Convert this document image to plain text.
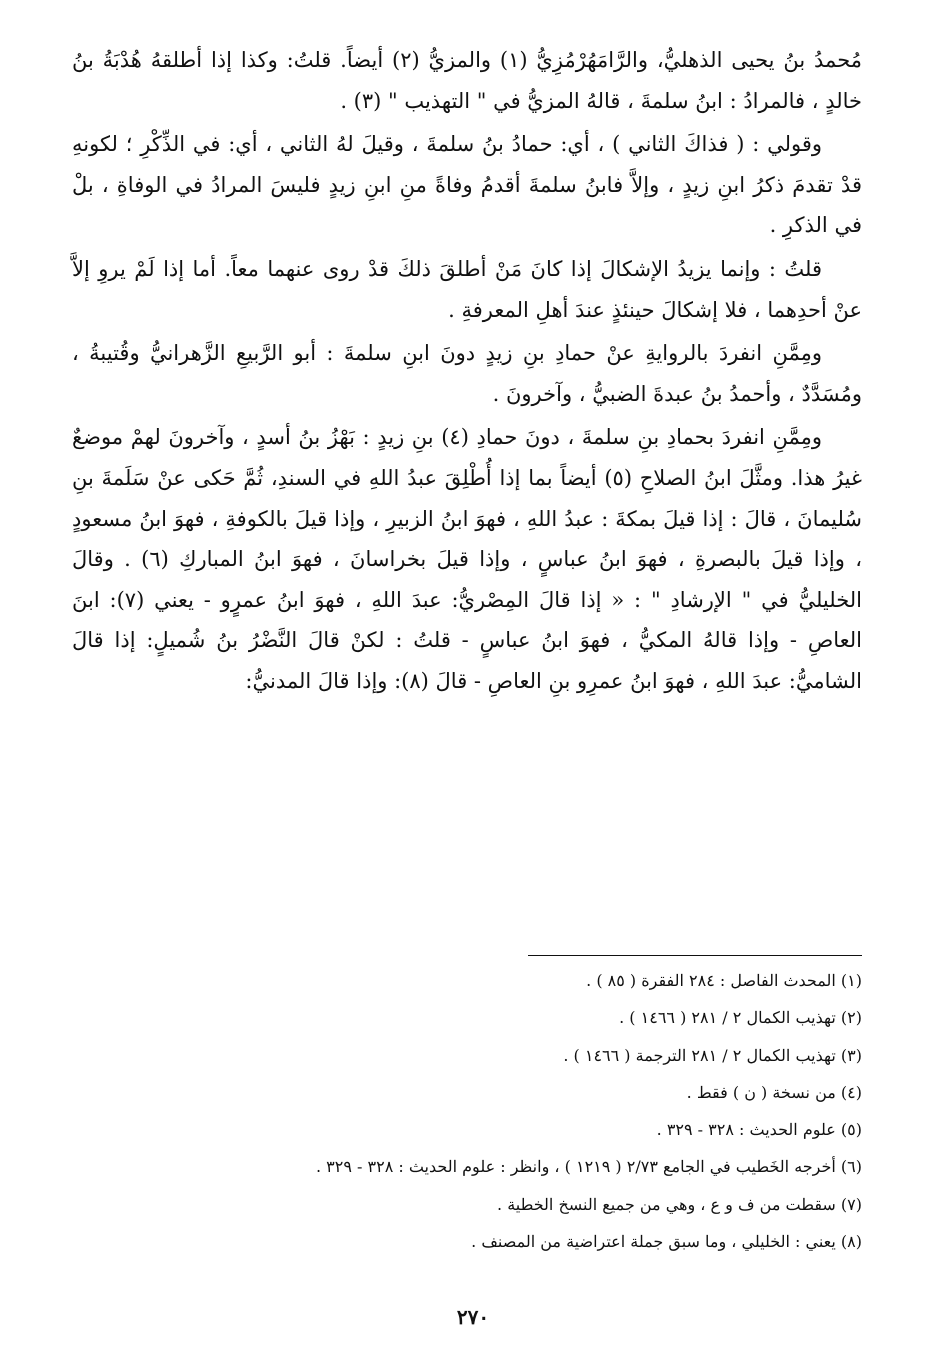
مُحمدُ بنُ يحيى الذهليُّ، والرَّامَهُرْمُزِيُّ (١) والمزيُّ (٢) أيضاً. قلتُ: وكذا إذا أطلقهُ هُدْبَةُ بنُ خالدٍ ، فالمرادُ : ابنُ سلمةَ ، قالهُ المزيُّ في " التهذيب " (٣) .

وقولي : ( فذاكَ الثاني ) ، أي: حمادُ بنُ سلمةَ ، وقيلَ لهُ الثاني ، أي: في الذِّكْرِ ؛ لكونهِ قدْ تقدمَ ذكرُ ابنِ زيدٍ ، وإلاَّ فابنُ سلمةَ أقدمُ وفاةً منِ ابنِ زيدٍ فليسَ المرادُ في الوفاةِ ، بلْ في الذكرِ .

قلتُ : وإنما يزيدُ الإشكالَ إذا كانَ مَنْ أطلقَ ذلكَ قدْ روى عنهما معاً. أما إذا لَمْ يروِ إلاَّ عنْ أحدِهما ، فلا إشكالَ حينئذٍ عندَ أهلِ المعرفةِ .

ومِمَّنِ انفردَ بالروايةِ عنْ حمادِ بنِ زيدٍ دونَ ابنِ سلمةَ : أبو الرَّبيعِ الزَّهرانيُّ وقُتيبةُ ، ومُسَدَّدٌ ، وأحمدُ بنُ عبدةَ الضبيُّ ، وآخرونَ .

ومِمَّنِ انفردَ بحمادِ بنِ سلمةَ ، دونَ حمادِ (٤) بنِ زيدٍ : بَهْزُ بنُ أسدٍ ، وآخرونَ لهمْ موضعٌ غيرُ هذا. ومثَّلَ ابنُ الصلاحِ (٥) أيضاً بما إذا أُطْلِقَ عبدُ اللهِ في السندِ، ثُمَّ حَكى عنْ سَلَمةَ بنِ سُليمانَ ، قالَ : إذا قيلَ بمكةَ : عبدُ اللهِ ، فهوَ ابنُ الزبيرِ ، وإذا قيلَ بالكوفةِ ، فهوَ ابنُ مسعودٍ ، وإذا قيلَ بالبصرةِ ، فهوَ ابنُ عباسٍ ، وإذا قيلَ بخراسانَ ، فهوَ ابنُ المباركِ (٦) . وقالَ الخليليُّ في " الإرشادِ " : « إذا قالَ المِصْريُّ: عبدَ اللهِ ، فهوَ ابنُ عمرٍو - يعني (٧): ابنَ العاصِ - وإذا قالهُ المكيُّ ، فهوَ ابنُ عباسٍ - قلتُ : لكنْ قالَ النَّضْرُ بنُ شُميلٍ: إذا قالَ الشاميُّ: عبدَ اللهِ ، فهوَ ابنُ عمرِو بنِ العاصِ - قالَ (٨): وإذا قالَ المدنيُّ:

(١) المحدث الفاصل : ٢٨٤ الفقرة ( ٨٥ ) .

(٢) تهذيب الكمال ٢ / ٢٨١ ( ١٤٦٦ ) .

(٣) تهذيب الكمال ٢ / ٢٨١ الترجمة ( ١٤٦٦ ) .

(٤) من نسخة ( ن ) فقط .

(٥) علوم الحديث : ٣٢٨ - ٣٢٩ .

(٦) أخرجه الخَطيب في الجامع ٢/٧٣ ( ١٢١٩ ) ، وانظر : علوم الحديث : ٣٢٨ - ٣٢٩ .

(٧) سقطت من ف و ع ، وهي من جميع النسخ الخطية .

(٨) يعني : الخليلي ، وما سبق جملة اعتراضية من المصنف .

٢٧٠
